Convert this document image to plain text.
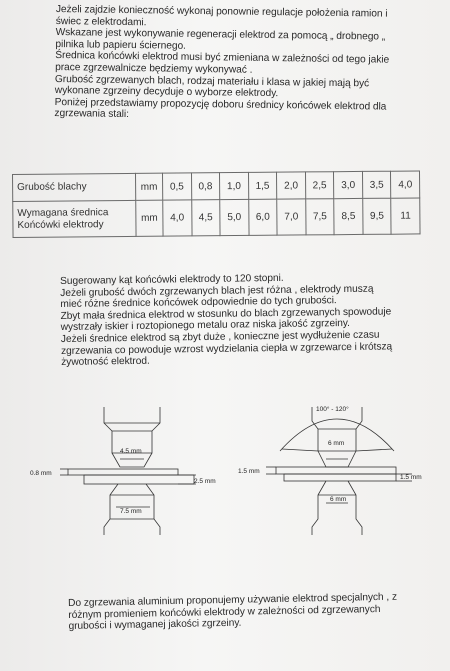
Jeżeli zajdzie konieczność wykonaj ponownie regulacje położenia ramion i
świec z elektrodami.
Wskazane jest wykonywanie regeneracji elektrod za pomocą „ drobnego „
pilnika lub papieru ściernego.
Średnica końcówki elektrod musi być zmieniana w zależności od tego jakie
prace zgrzewalnicze będziemy wykonywać .
Grubość zgrzewanych blach, rodzaj materiału i klasa w jakiej mają być
wykonane zgrzeiny decyduje o wyborze elektrody.
Poniżej przedstawiamy propozycję doboru średnicy końcówek elektrod dla
zgrzewania stali:
Grubość blachy	mm	0,5	0,8	1,0	1,5	2,0	2,5	3,0	3,5	4,0
Wymagana średnica
Końcówki elektrody	mm	4,0	4,5	5,0	6,0	7,0	7,5	8,5	9,5	11
Sugerowany kąt końcówki elektrody to 120 stopni.
Jeżeli grubość dwóch zgrzewanych blach jest różna , elektrody muszą
mieć różne średnice końcówek odpowiednie do tych grubości.
Zbyt mała średnica elektrod w stosunku do blach zgrzewanych spowoduje
wystrzały iskier i roztopionego metalu oraz niska jakość zgrzeiny.
Jeżeli średnice elektrod są zbyt duże , konieczne jest wydłużenie czasu
zgrzewania co powoduje wzrost wydzielania ciepła w zgrzewarce i krótszą
żywotność elektrod.
4.5 mm
0.8 mm
2.5 mm
7.5 mm
100° - 120°
6 mm
1.5 mm
1.5 mm
6 mm
Do zgrzewania aluminium proponujemy używanie elektrod specjalnych , z
różnym promieniem końcówki elektrody w zależności od zgrzewanych
grubości i wymaganej jakości zgrzeiny.
